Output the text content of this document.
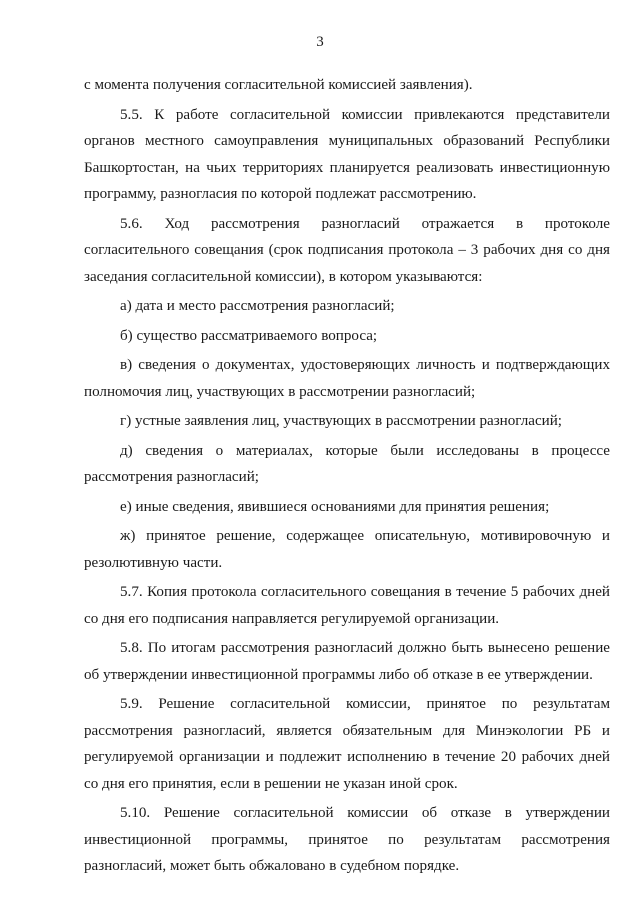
3

с момента получения согласительной комиссией заявления).

5.5. К работе согласительной комиссии привлекаются представители органов местного самоуправления муниципальных образований Республики Башкортостан, на чьих территориях планируется реализовать инвестиционную программу, разногласия по которой подлежат рассмотрению.

5.6. Ход рассмотрения разногласий отражается в протоколе согласительного совещания (срок подписания протокола – 3 рабочих дня со дня заседания согласительной комиссии), в котором указываются:

а) дата и место рассмотрения разногласий;

б) существо рассматриваемого вопроса;

в) сведения о документах, удостоверяющих личность и подтверждающих полномочия лиц, участвующих в рассмотрении разногласий;

г) устные заявления лиц, участвующих в рассмотрении разногласий;

д) сведения о материалах, которые были исследованы в процессе рассмотрения разногласий;

е) иные сведения, явившиеся основаниями для принятия решения;

ж) принятое решение, содержащее описательную, мотивировочную и резолютивную части.

5.7. Копия протокола согласительного совещания в течение 5 рабочих дней со дня его подписания направляется регулируемой организации.

5.8. По итогам рассмотрения разногласий должно быть вынесено решение об утверждении инвестиционной программы либо об отказе в ее утверждении.

5.9. Решение согласительной комиссии, принятое по результатам рассмотрения разногласий, является обязательным для Минэкологии РБ и регулируемой организации и подлежит исполнению в течение 20 рабочих дней со дня его принятия, если в решении не указан иной срок.

5.10. Решение согласительной комиссии об отказе в утверждении инвестиционной программы, принятое по результатам рассмотрения разногласий, может быть обжаловано в судебном порядке.
